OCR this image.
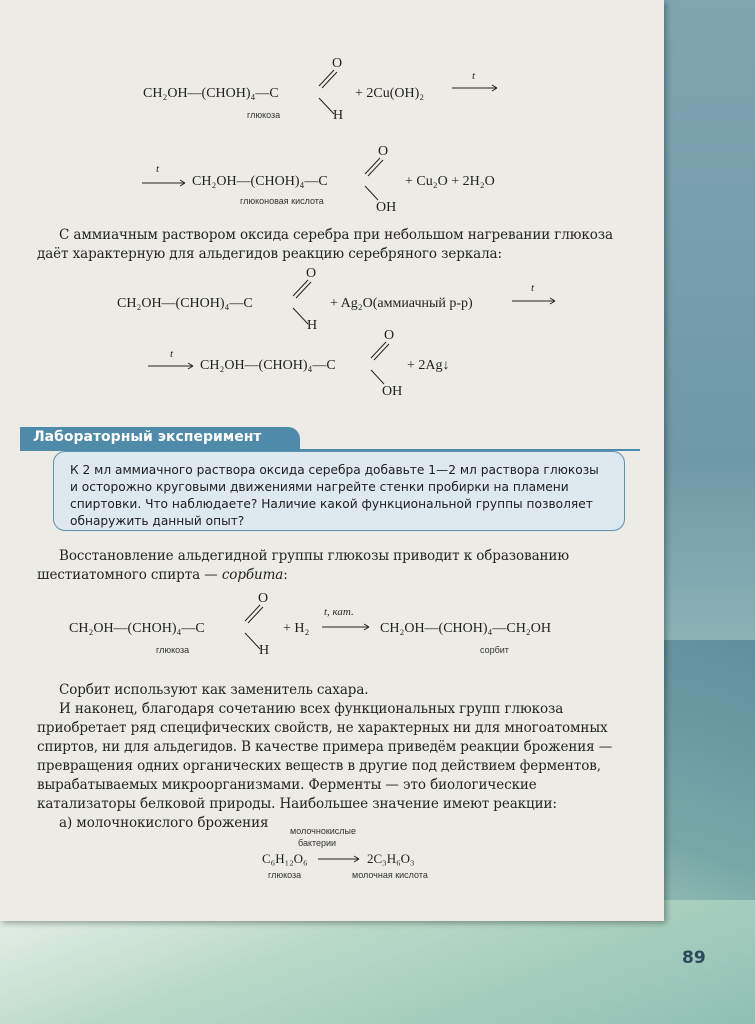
CH₂OH—(CHOH)₄—C
O
H
+ 2Cu(OH)₂
t
глюкоза
t
CH₂OH—(CHOH)₄—C
O
OH
+ Cu₂O + 2H₂O
глюконовая кислота

С аммиачным раствором оксида серебра при небольшом нагревании глюкоза даёт характерную для альдегидов реакцию серебряного зеркала:

CH₂OH—(CHOH)₄—C
O
H
+ Ag₂O(аммиачный р-р)
t
t
CH₂OH—(CHOH)₄—C
O
OH
+ 2Ag↓
Лабораторный эксперимент
К 2 мл аммиачного раствора оксида серебра добавьте 1—2 мл раствора глюкозы и осторожно круговыми движениями нагрейте стенки пробирки на пламени спиртовки. Что наблюдаете? Наличие какой функциональной группы позволяет обнаружить данный опыт?

Восстановление альдегидной группы глюкозы приводит к образованию шестиатомного спирта — сорбита:

CH₂OH—(CHOH)₄—C
O
H
+ H₂
t, кат.
CH₂OH—(CHOH)₄—CH₂OH
глюкоза	сорбит

Сорбит используют как заменитель сахара.

И наконец, благодаря сочетанию всех функциональных групп глюкоза приобретает ряд специфических свойств, не характерных ни для многоатомных спиртов, ни для альдегидов. В качестве примера приведём реакции брожения — превращения одних органических веществ в другие под действием ферментов, вырабатываемых микроорганизмами. Ферменты — это биологические катализаторы белковой природы. Наибольшее значение имеют реакции:

а) молочнокислого брожения	молочнокислые
бактерии
C₆H₁₂O₆	2C₃H₆O₃
глюкоза	молочная кислота
89
